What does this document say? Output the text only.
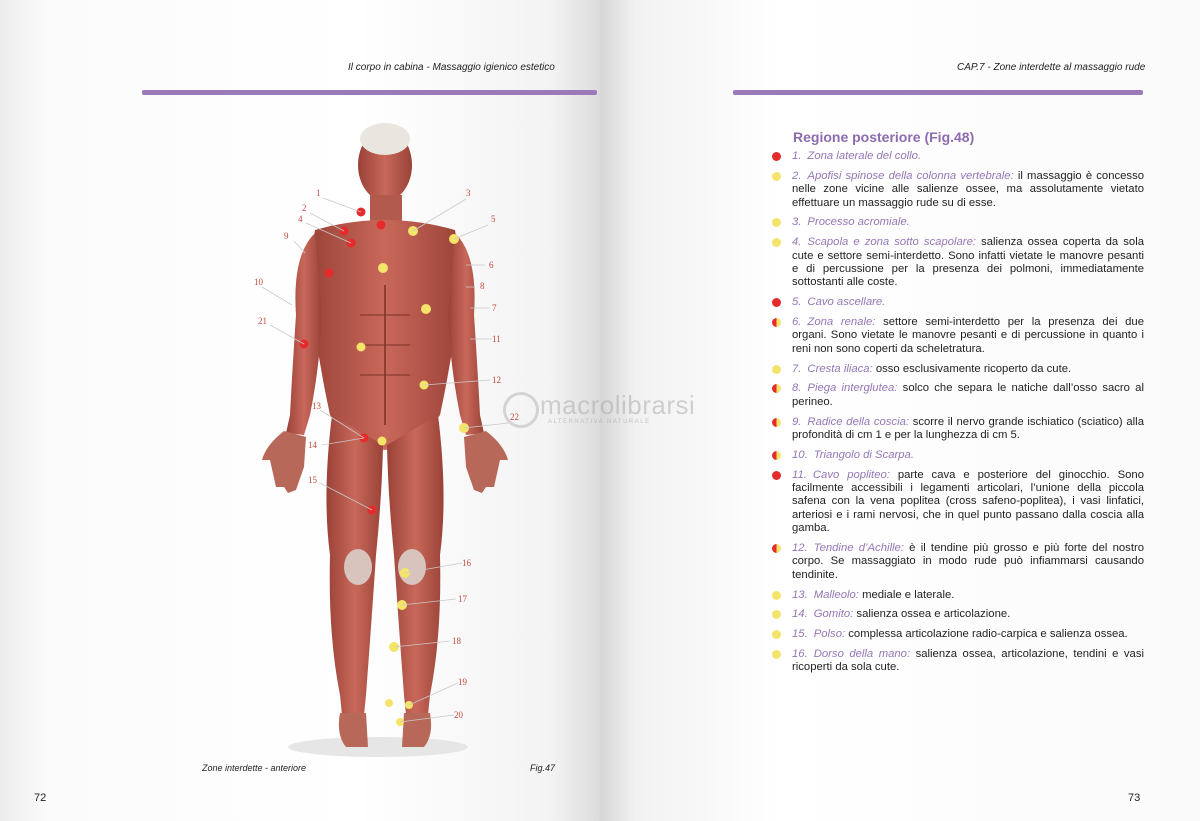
Il corpo in cabina - Massaggio igienico estetico
1
2
3
4	5
6
7
8
9
10
11
12
13
14
15
16
17
18
19
20
21
22
Zone interdette - anteriore	Fig.47
72
CAP.7 - Zone interdette al massaggio rude
73
Regione posteriore (Fig.48)
1. Zona laterale del collo.
2. Apofisi spinose della colonna vertebrale: il massaggio è concesso nelle zone vicine alle salienze ossee, ma assolutamente vietato effettuare un massaggio rude su di esse.
3. Processo acromiale.
4. Scapola e zona sotto scapolare: salienza ossea coperta da sola cute e settore semi-interdetto. Sono infatti vietate le manovre pesanti e di percussione per la presenza dei polmoni, immediatamente sottostanti alle coste.
5. Cavo ascellare.
6. Zona renale: settore semi-interdetto per la presenza dei due organi. Sono vietate le manovre pesanti e di percussione in quanto i reni non sono coperti da scheletratura.
7. Cresta iliaca: osso esclusivamente ricoperto da cute.
8. Piega interglutea: solco che separa le natiche dall’osso sacro al perineo.
9. Radice della coscia: scorre il nervo grande ischiatico (sciatico) alla profondità di cm 1 e per la lunghezza di cm 5.
10. Triangolo di Scarpa.
11. Cavo popliteo: parte cava e posteriore del ginocchio. Sono facilmente accessibili i legamenti articolari, l’unione della piccola safena con la vena poplitea (cross safeno-poplitea), i vasi linfatici, arteriosi e i rami nervosi, che in quel punto passano dalla coscia alla gamba.
12. Tendine d’Achille: è il tendine più grosso e più forte del nostro corpo. Se massaggiato in modo rude può infiammarsi causando tendinite.
13. Malleolo: mediale e laterale.
14. Gomito: salienza ossea e articolazione.
15. Polso: complessa articolazione radio-carpica e salienza ossea.
16. Dorso della mano: salienza ossea, articolazione, tendini e vasi ricoperti da sola cute.
macrolibrarsi
ALTERNATIVA NATURALE
